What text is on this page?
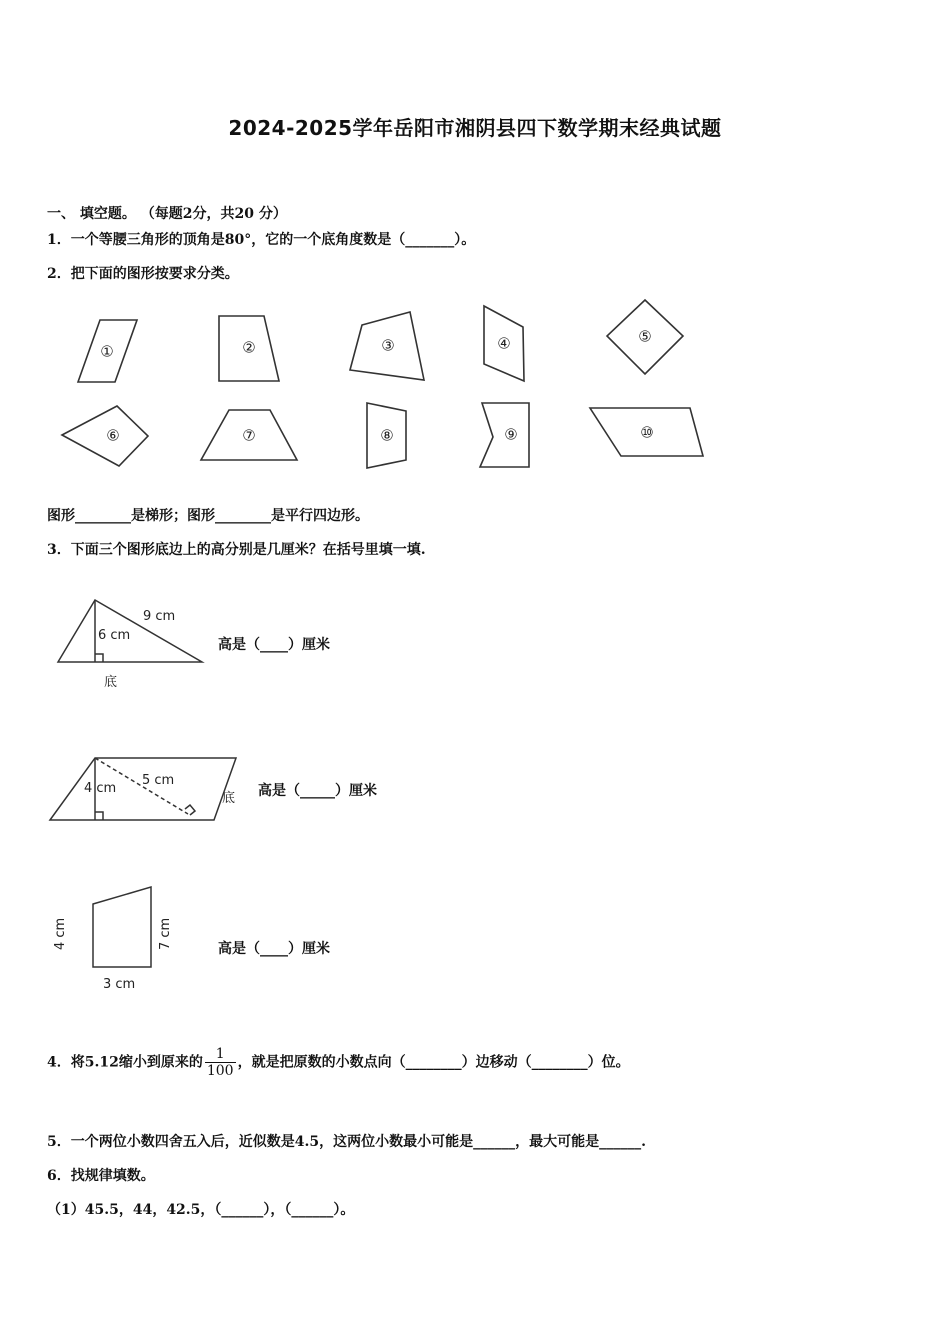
2024-2025学年岳阳市湘阴县四下数学期末经典试题
一、 填空题。 （每题2分，共20 分）
1．一个等腰三角形的顶角是80°，它的一个底角度数是（_______）。
2．把下面的图形按要求分类。
①	②	③	④	⑤
⑥	⑦	⑧	⑨	⑩
图形________是梯形；图形________是平行四边形。
3．下面三个图形底边上的高分别是几厘米？在括号里填一填.
9 cm
6 cm
底
高是（____）厘米
4 cm
5 cm
底 高是（_____）厘米
4 cm	7 cm
3 cm
高是（____）厘米
4．将5.12缩小到原来的 $\frac{1}{100}$ ，就是把原数的小数点向（________）边移动（________）位。
5．一个两位小数四舍五入后，近似数是4.5，这两位小数最小可能是______，最大可能是______.
6．找规律填数。
（1）45.5，44，42.5，（______），（______）。
